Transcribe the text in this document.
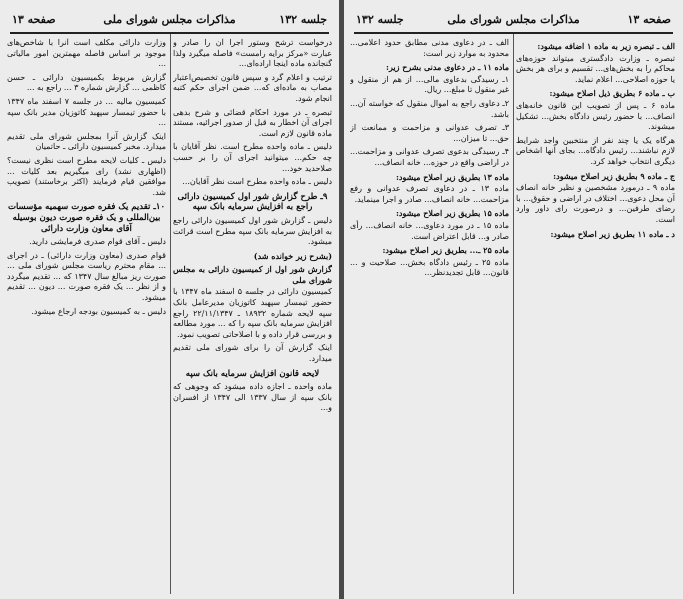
صفحه ۱۳	مذاکرات مجلس شورای ملی	جلسه ۱۳۲

درخواست ترشح وستور اجرا آن را صادر و عبارت «مرکز برایه رامست» فاصله میگیرد ولذا گنجانده ماده اینجا اراده‌ای...

ترتیب و اعلام گرد و سپس قانون تخصیص‌اعتبار مصاب به ماده‌ای که... ضمن اجرای حکم کتبه انجام شود.

تبصره ـ در مورد احکام قضائی و شرح بدهی اجرای آن اخطار به قبل از صدور اجرائیه، مستند ماده قانون لازم است.

دلیس ـ ماده واحده مطرح است. نظر آقایان با چه حکم... میتوانید اجرای آن را بر حسب صلاحدید خود...

دلیس ـ ماده واحده مطرح است نظر آقایان...

۹ـ طرح گزارش شور اول کمیسیون دارائی راجع به افزایش سرمایه بانک سپه

دلیس ـ گزارش شور اول کمیسیون دارائی راجع به افزایش سرمایه بانک سپه مطرح است قرائت میشود.

(بشرح زیر خوانده شد)

گزارش شور اول از کمیسیون دارائی به مجلس شورای ملی

کمیسیون دارائی در جلسه ۵ اسفند ماه ۱۳۴۷ با حضور تیمسار سپهبد کاتوزیان مدیرعامل بانک سپه لایحه شماره ۱۸۹۳۲ ـ ۲۲/۱۱/۱۳۴۷ راجع افزایش سرمایه بانک سپه را که ... مورد مطالعه و بررسی قرار داده و با اصلاحاتی تصویب نمود.

اینک گزارش آن را برای شورای ملی تقدیم میدارد.

لایحه قانون افزایش سرمایه بانک سپه

ماده واحده ـ اجازه داده میشود که وجوهی که بانک سپه از سال ۱۳۳۷ الی ۱۳۴۷ از افسران و...

وزارت دارائی مکلف است آنرا با شاخص‌های موجود بر اساس فاصله مهمترین امور مالیاتی ...

گزارش مربوط بکمیسیون دارائی ـ حسن کاظمی ... گزارش شماره ۳ ... راجع به ...

کمیسیون مالیه ... در جلسه ۷ اسفند ماه ۱۳۴۷ با حضور تیمسار سپهبد کاتوزیان مدیر بانک سپه ...

اینک گزارش آنرا بمجلس شورای ملی تقدیم میدارد. مخبر کمیسیون دارائی ـ حاتمیان

دلیس ـ کلیات لایحه مطرح است نظری نیست؟ (اظهاری نشد) رای میگیریم بعد کلیات ... موافقین قیام فرمایند (اکثر برخاستند) تصویب شد.

۱۰ـ تقدیم یک فقره صورت سهمیه مؤسسات بین‌المللی و یک فقره صورت دیون بوسیله آقای معاون وزارت دارائی

دلیس ـ آقای قوام صدری فرمایشی دارید.

قوام صدری (معاون وزارت دارائی) ـ در اجرای ... مقام محترم ریاست مجلس شورای ملی ... صورت ریز مبالغ سال ۱۳۴۷ که ... تقدیم میگردد و از نظر ... یک فقره صورت ... دیون ... تقدیم میشود.

دلیس ـ به کمیسیون بودجه ارجاع میشود.

جلسه ۱۳۲	مذاکرات مجلس شورای ملی	صفحه ۱۳

الف ـ تبصره زیر به ماده ۱ اضافه میشود:

تبصره ـ وزارت دادگستری میتواند حوزه‌های محاکم را به بخش‌های... تقسیم و برای هر بخش یا حوزه اصلاحی... اعلام نماید.

ب ـ ماده ۶ بطریق ذیل اصلاح میشود:

ماده ۶ ـ پس از تصویب این قانون خانه‌های انصاف... با حضور رئیس دادگاه بخش... تشکیل میشوند.

هرگاه یک یا چند نفر از منتخبین واجد شرایط لازم نباشند... رئیس دادگاه... بجای آنها اشخاص دیگری انتخاب خواهد کرد.

ج ـ ماده ۹ بطریق زیر اصلاح میشود:

ماده ۹ ـ درمورد مشخصین و نظیر خانه انصاف آن محل دعوی... اختلاف در اراضی و حقوق... با رضای طرفین... و درصورت رای داور وارد است.

د ـ ماده ۱۱ بطریق زیر اصلاح میشود:

الف ـ در دعاوی مدنی مطابق حدود اعلامی... محدود به موارد زیر است:

ماده ۱۱ ـ در دعاوی مدنی بشرح زیر:

۱ـ رسیدگی بدعاوی مالی... از هم از منقول و غیر منقول تا مبلغ... ریال.

۲ـ دعاوی راجع به اموال منقول که خواسته آن... باشد.

۳ـ تصرف عدوانی و مزاحمت و ممانعت از حق... تا میزان...

۴ـ رسیدگی بدعوی تصرف عدوانی و مزاحمت... در اراضی واقع در حوزه... خانه انصاف...

ماده ۱۳ بطریق زیر اصلاح میشود:

ماده ۱۳ ـ در دعاوی تصرف عدوانی و رفع مزاحمت... خانه انصاف... صادر و اجرا مینماید.

ماده ۱۵ بطریق زیر اصلاح میشود:

ماده ۱۵ ـ در مورد دعاوی... خانه انصاف... رأی صادر و... قابل اعتراض است.

ماده ۲۵ ـ... بطریق زیر اصلاح میشود:

ماده ۲۵ ـ رئیس دادگاه بخش... صلاحیت و ... قانون... قابل تجدیدنظر...
